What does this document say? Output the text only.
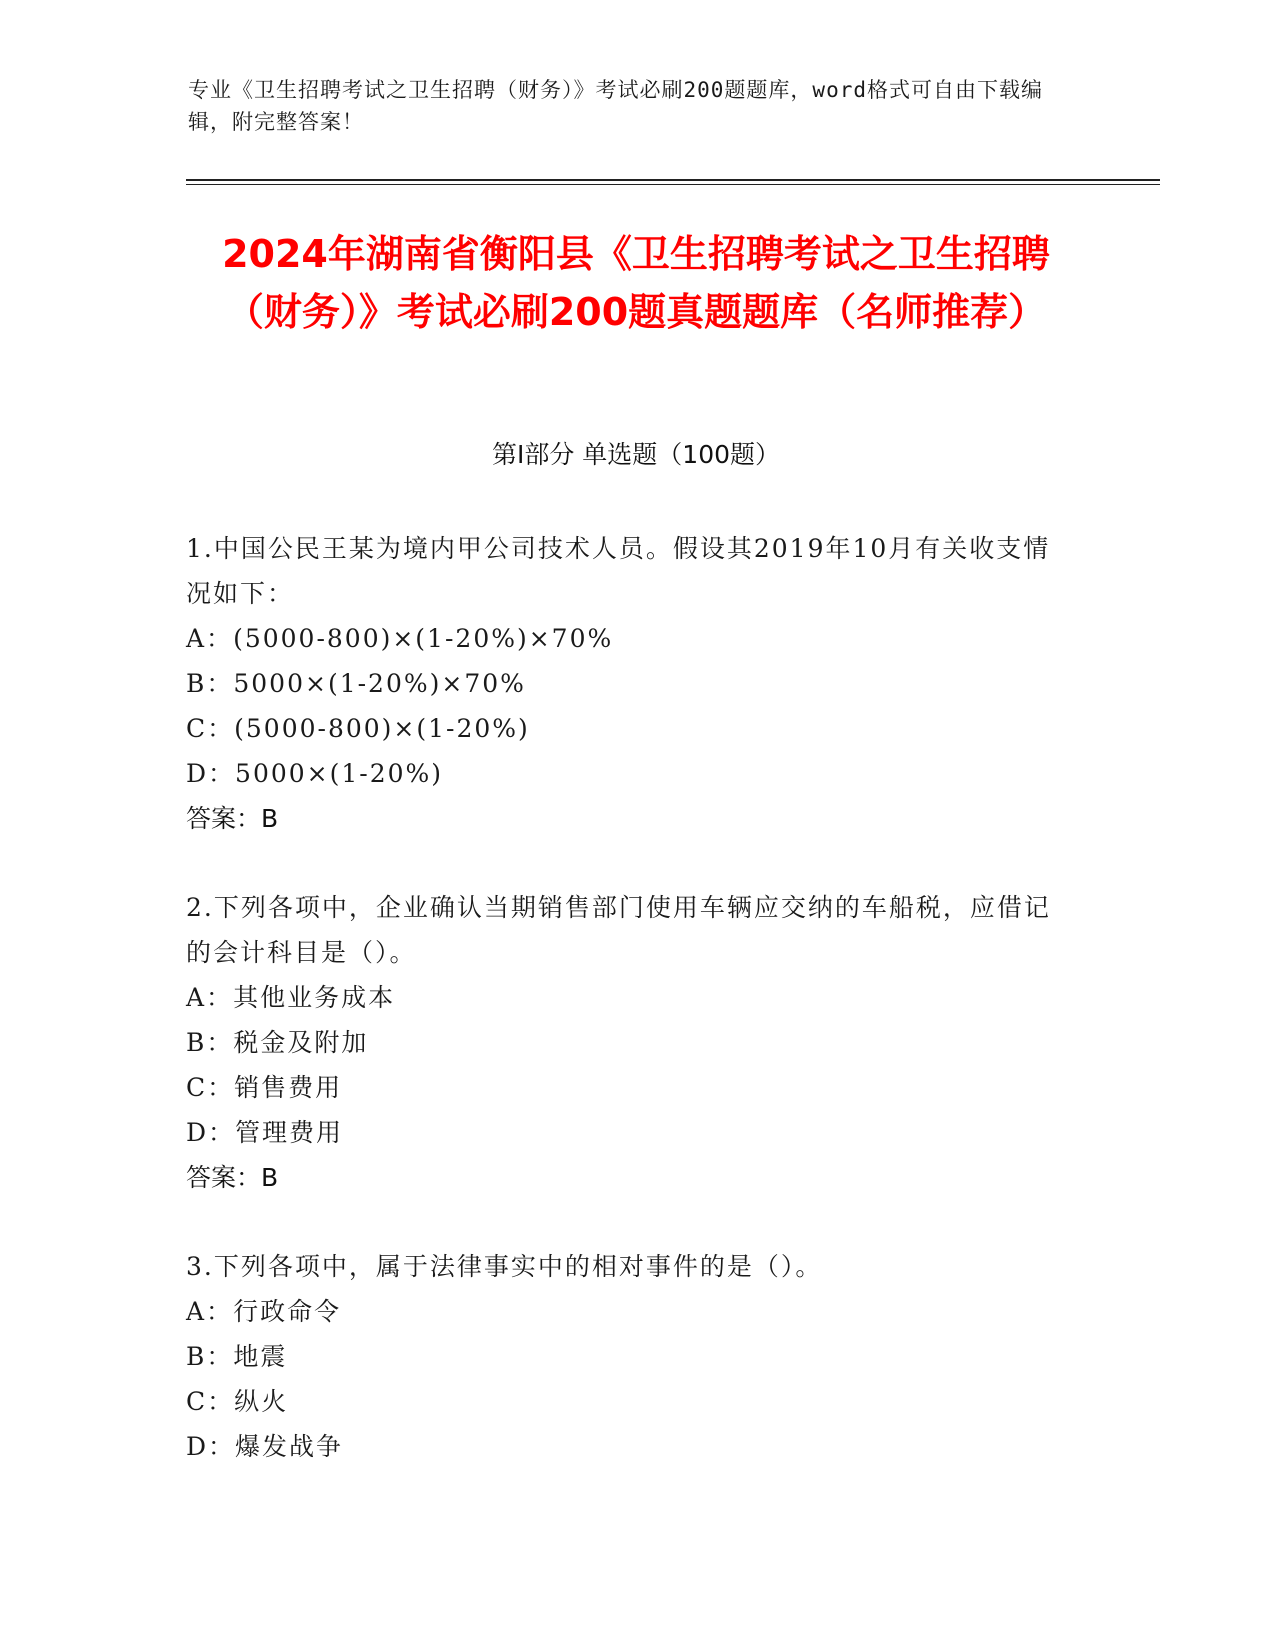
专业《卫生招聘考试之卫生招聘（财务）》考试必刷200题题库，word格式可自由下载编辑，附完整答案！
2024年湖南省衡阳县《卫生招聘考试之卫生招聘（财务）》考试必刷200题真题题库（名师推荐）
第I部分 单选题（100题）
1.中国公民王某为境内甲公司技术人员。假设其2019年10月有关收支情况如下：
A：(5000-800)×(1-20%)×70%
B：5000×(1-20%)×70%
C：(5000-800)×(1-20%)
D：5000×(1-20%)
答案：B
2.下列各项中，企业确认当期销售部门使用车辆应交纳的车船税，应借记的会计科目是（）。
A：其他业务成本
B：税金及附加
C：销售费用
D：管理费用
答案：B
3.下列各项中，属于法律事实中的相对事件的是（）。
A：行政命令
B：地震
C：纵火
D：爆发战争
